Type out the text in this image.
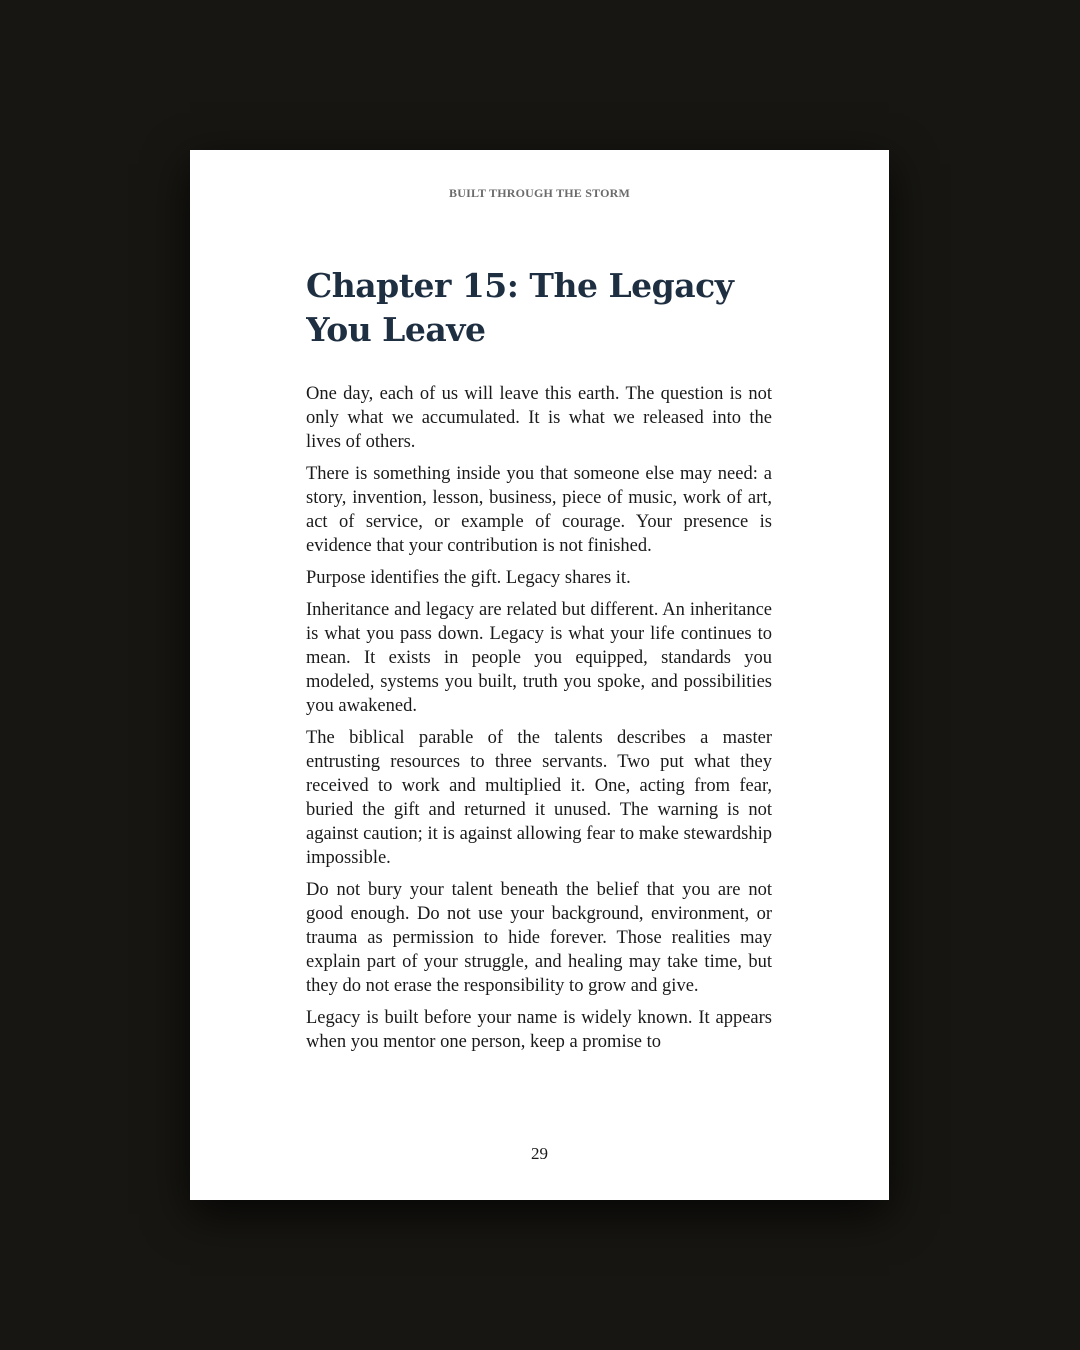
BUILT THROUGH THE STORM
Chapter 15: The Legacy You Leave

One day, each of us will leave this earth. The question is not only what we accumulated. It is what we released into the lives of others.

There is something inside you that someone else may need: a story, invention, lesson, business, piece of music, work of art, act of service, or example of courage. Your presence is evidence that your contribution is not finished.

Purpose identifies the gift. Legacy shares it.

Inheritance and legacy are related but different. An inheritance is what you pass down. Legacy is what your life continues to mean. It exists in people you equipped, standards you modeled, systems you built, truth you spoke, and possibilities you awakened.

The biblical parable of the talents describes a master entrusting resources to three servants. Two put what they received to work and multiplied it. One, acting from fear, buried the gift and returned it unused. The warning is not against caution; it is against allowing fear to make stewardship impossible.

Do not bury your talent beneath the belief that you are not good enough. Do not use your background, environment, or trauma as permission to hide forever. Those realities may explain part of your struggle, and healing may take time, but they do not erase the responsibility to grow and give.

Legacy is built before your name is widely known. It appears when you mentor one person, keep a promise to

29
